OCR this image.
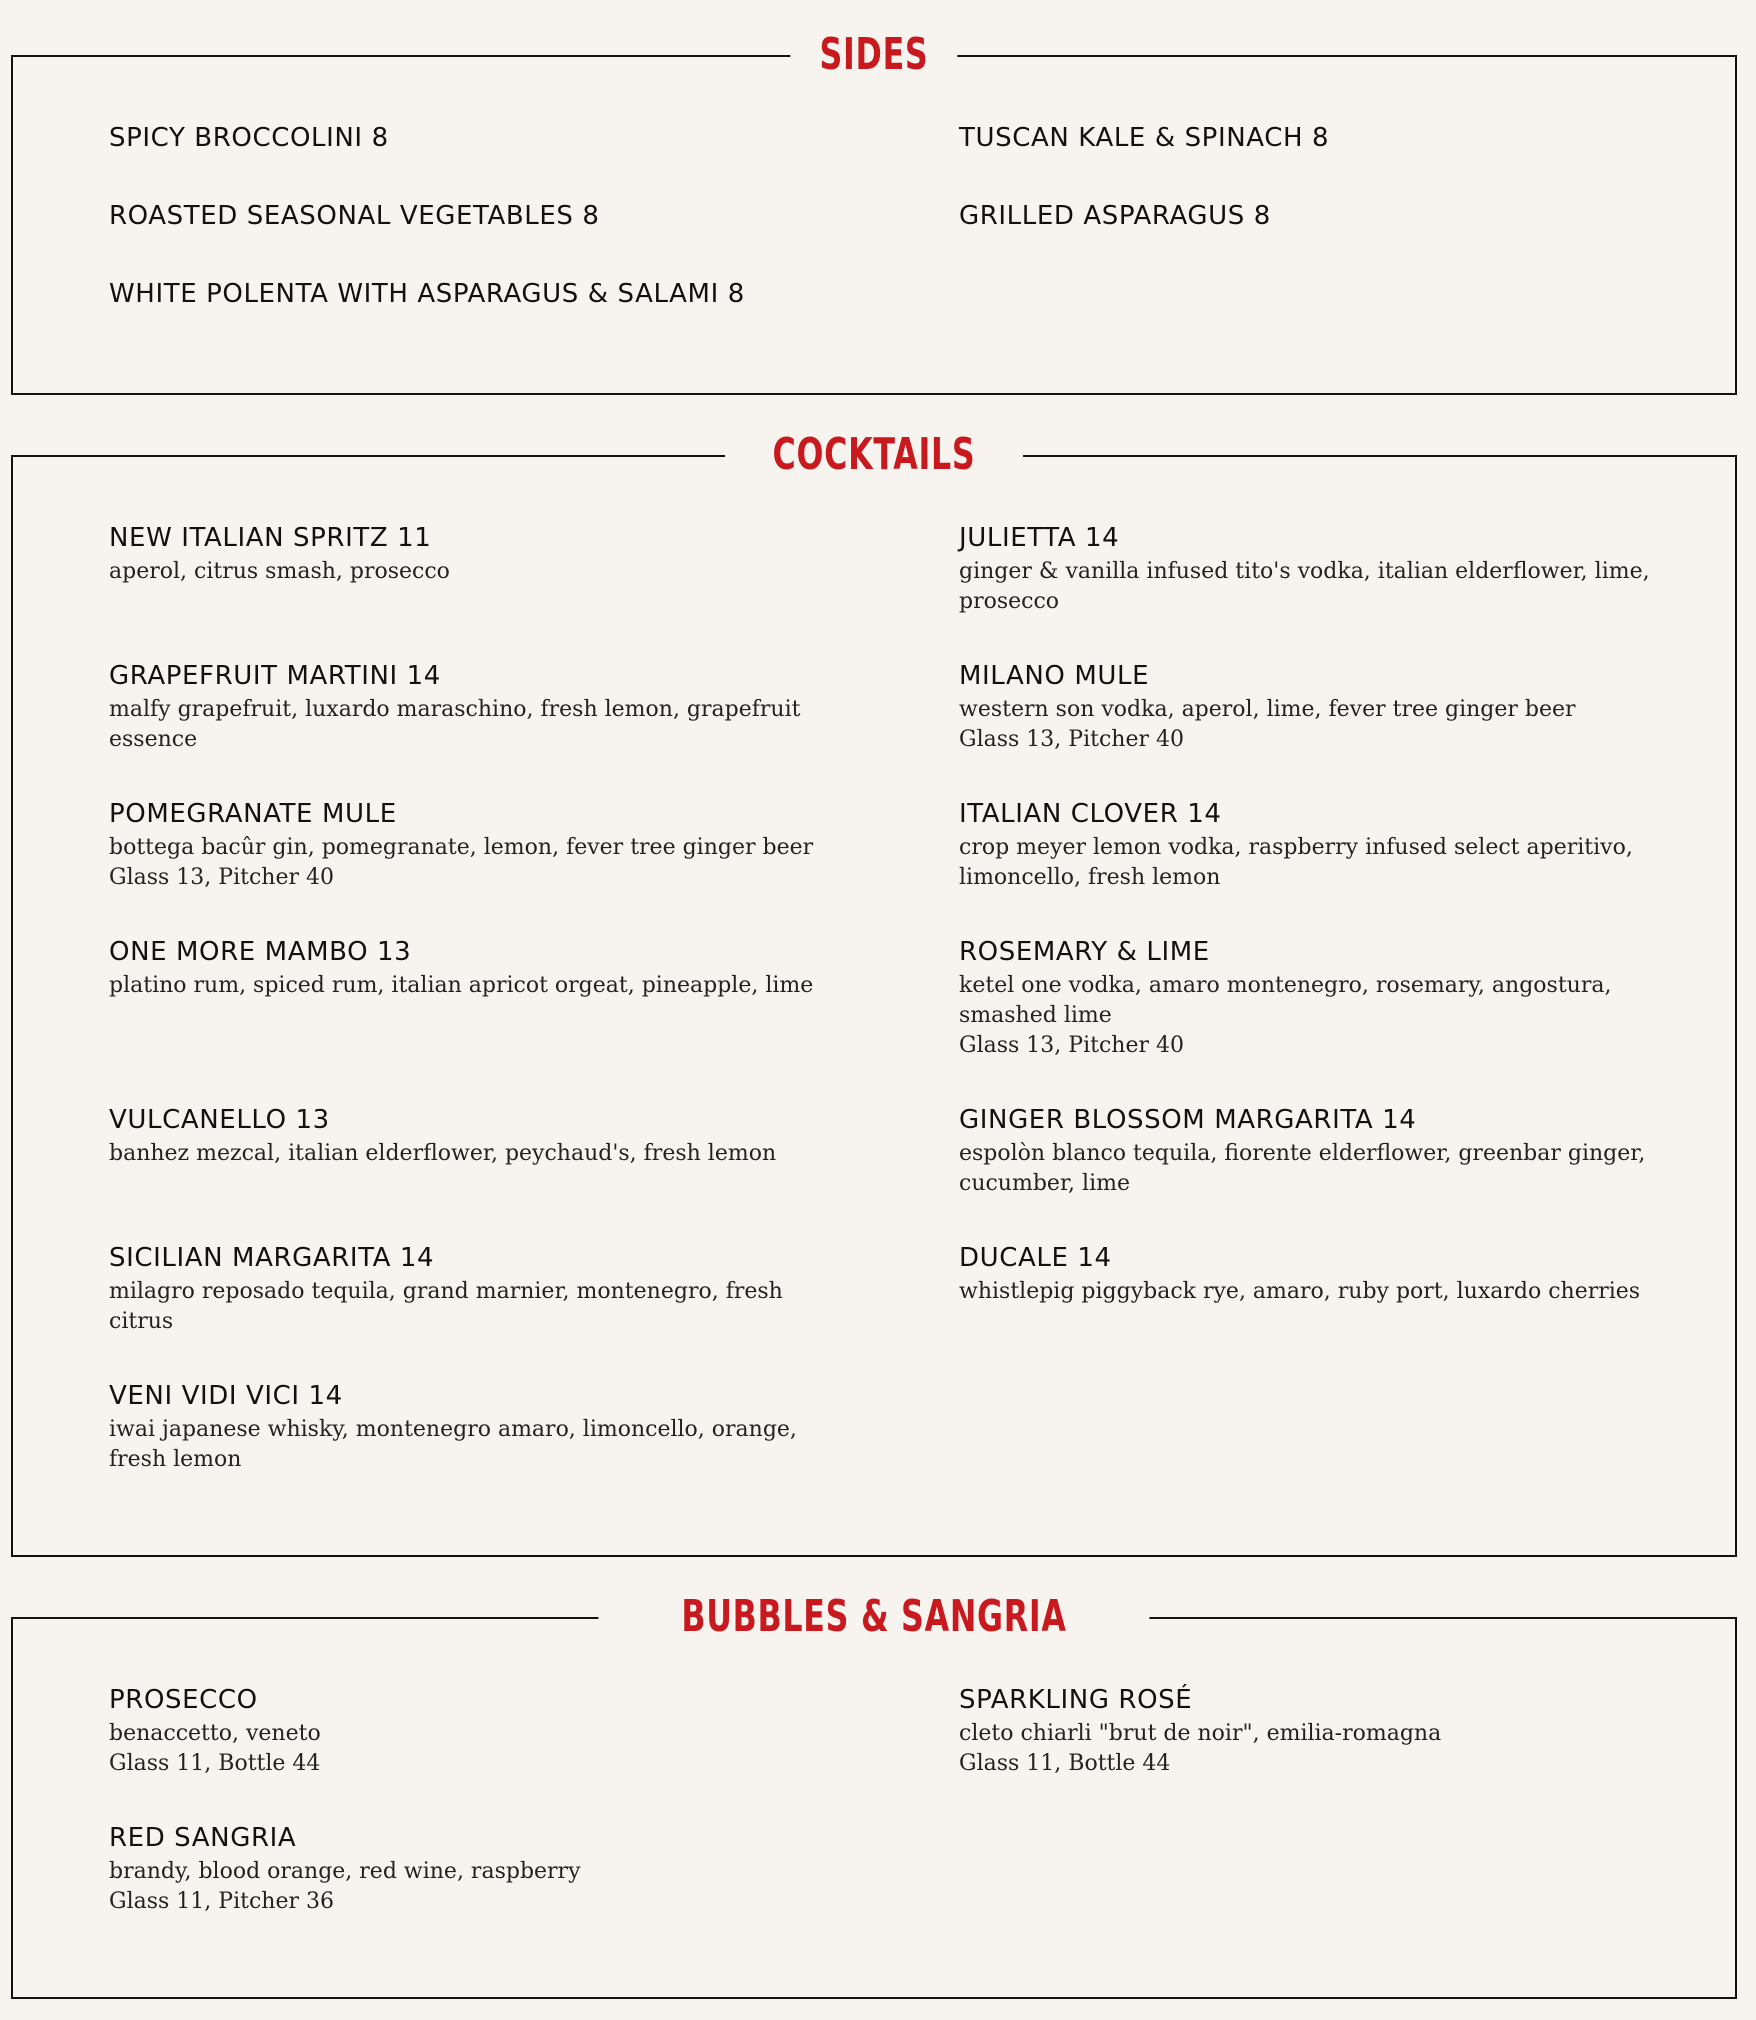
SIDES
SPICY BROCCOLINI 8	TUSCAN KALE & SPINACH 8
ROASTED SEASONAL VEGETABLES 8	GRILLED ASPARAGUS 8
WHITE POLENTA WITH ASPARAGUS & SALAMI 8
COCKTAILS
NEW ITALIAN SPRITZ 11
aperol, citrus smash, prosecco
JULIETTA 14
ginger & vanilla infused tito's vodka, italian elderflower, lime, prosecco
GRAPEFRUIT MARTINI 14
malfy grapefruit, luxardo maraschino, fresh lemon, grapefruit essence
MILANO MULE
western son vodka, aperol, lime, fever tree ginger beer
Glass 13, Pitcher 40
POMEGRANATE MULE
bottega bacûr gin, pomegranate, lemon, fever tree ginger beer
Glass 13, Pitcher 40
ITALIAN CLOVER 14
crop meyer lemon vodka, raspberry infused select aperitivo, limoncello, fresh lemon
ONE MORE MAMBO 13
platino rum, spiced rum, italian apricot orgeat, pineapple, lime
ROSEMARY & LIME
ketel one vodka, amaro montenegro, rosemary, angostura, smashed lime
Glass 13, Pitcher 40
VULCANELLO 13
banhez mezcal, italian elderflower, peychaud's, fresh lemon
GINGER BLOSSOM MARGARITA 14
espolòn blanco tequila, fiorente elderflower, greenbar ginger, cucumber, lime
SICILIAN MARGARITA 14
milagro reposado tequila, grand marnier, montenegro, fresh citrus
DUCALE 14
whistlepig piggyback rye, amaro, ruby port, luxardo cherries
VENI VIDI VICI 14
iwai japanese whisky, montenegro amaro, limoncello, orange, fresh lemon
BUBBLES & SANGRIA
PROSECCO
benaccetto, veneto
Glass 11, Bottle 44
SPARKLING ROSÉ
cleto chiarli "brut de noir", emilia-romagna
Glass 11, Bottle 44
RED SANGRIA
brandy, blood orange, red wine, raspberry
Glass 11, Pitcher 36
